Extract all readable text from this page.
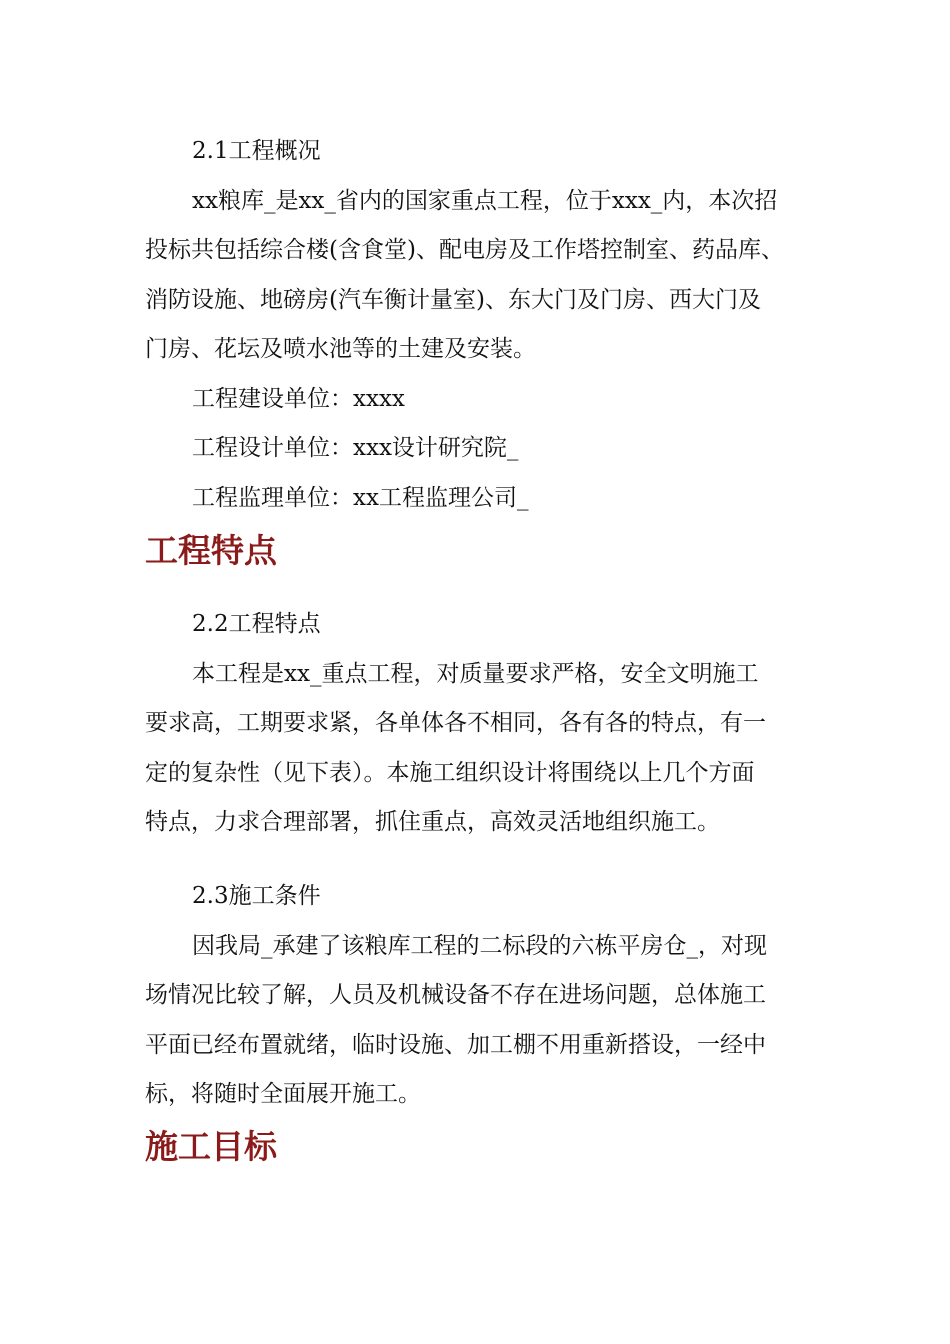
2.1工程概况

xx粮库_是xx_省内的国家重点工程，位于xxx_内，本次招

投标共包括综合楼(含食堂)、配电房及工作塔控制室、药品库、

消防设施、地磅房(汽车衡计量室)、东大门及门房、西大门及

门房、花坛及喷水池等的土建及安装。

工程建设单位：xxxx

工程设计单位：xxx设计研究院_

工程监理单位：xx工程监理公司_

工程特点

2.2工程特点

本工程是xx_重点工程，对质量要求严格，安全文明施工

要求高，工期要求紧，各单体各不相同，各有各的特点，有一

定的复杂性（见下表）。本施工组织设计将围绕以上几个方面

特点，力求合理部署，抓住重点，高效灵活地组织施工。

2.3施工条件

因我局_承建了该粮库工程的二标段的六栋平房仓_，对现

场情况比较了解，人员及机械设备不存在进场问题，总体施工

平面已经布置就绪，临时设施、加工棚不用重新搭设，一经中

标，将随时全面展开施工。

施工目标
